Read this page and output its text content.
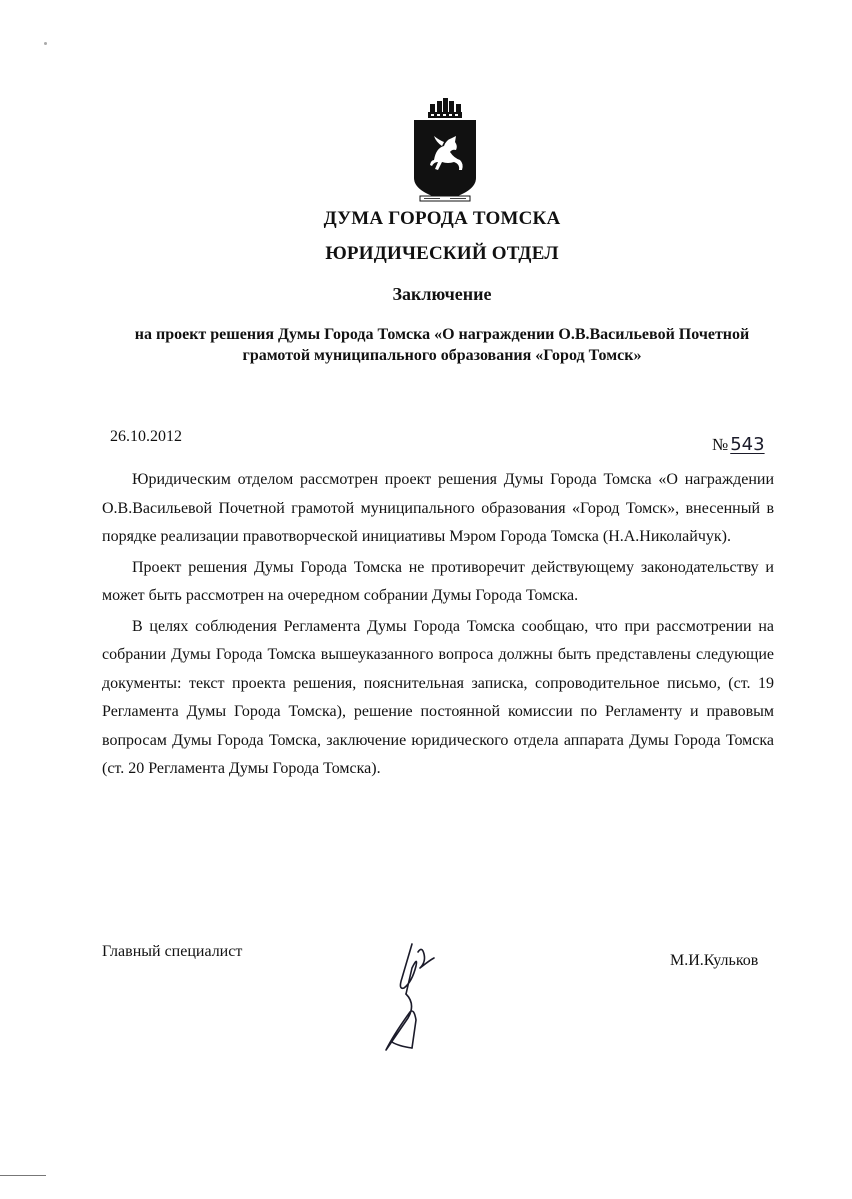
ДУМА ГОРОДА ТОМСКА
ЮРИДИЧЕСКИЙ ОТДЕЛ
Заключение
на проект решения Думы Города Томска «О награждении О.В.Васильевой Почетной
грамотой муниципального образования «Город Томск»
26.10.2012	№ 543

Юридическим отделом рассмотрен проект решения Думы Города Томска «О награждении О.В.Васильевой Почетной грамотой муниципального образования «Город Томск», внесенный в порядке реализации правотворческой инициативы Мэром Города Томска (Н.А.Николайчук).

Проект решения Думы Города Томска не противоречит действующему законодательству и может быть рассмотрен на очередном собрании Думы Города Томска.

В целях соблюдения Регламента Думы Города Томска сообщаю, что при рассмотрении на собрании Думы Города Томска вышеуказанного вопроса должны быть представлены следующие документы: текст проекта решения, пояснительная записка, сопроводительное письмо, (ст. 19 Регламента Думы Города Томска), решение постоянной комиссии по Регламенту и правовым вопросам Думы Города Томска, заключение юридического отдела аппарата Думы Города Томска (ст. 20 Регламента Думы Города Томска).

Главный специалист
М.И.Кульков
